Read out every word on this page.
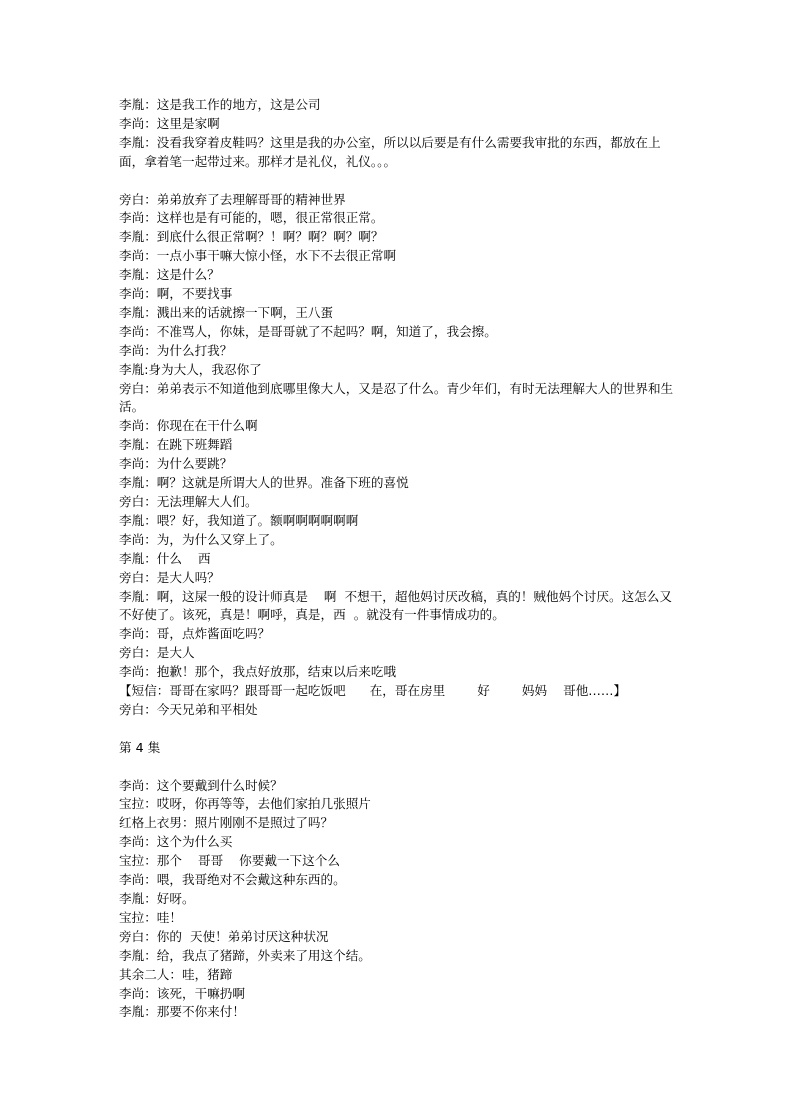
李胤：这是我工作的地方，这是公司
李尚：这里是家啊
李胤：没看我穿着皮鞋吗？这里是我的办公室，所以以后要是有什么需要我审批的东西，都放在上面，拿着笔一起带过来。那样才是礼仪，礼仪。。。
旁白：弟弟放弃了去理解哥哥的精神世界
李尚：这样也是有可能的，嗯，很正常很正常。
李胤：到底什么很正常啊？！啊？啊？啊？啊？
李尚：一点小事干嘛大惊小怪，水下不去很正常啊
李胤：这是什么？
李尚：啊，不要找事
李胤：溅出来的话就擦一下啊，王八蛋
李尚：不准骂人，你妹，是哥哥就了不起吗？啊，知道了，我会擦。
李尚：为什么打我？
李胤:身为大人，我忍你了
旁白：弟弟表示不知道他到底哪里像大人，又是忍了什么。青少年们，有时无法理解大人的世界和生活。
李尚：你现在在干什么啊
李胤：在跳下班舞蹈
李尚：为什么要跳？
李胤：啊？这就是所谓大人的世界。准备下班的喜悦
旁白：无法理解大人们。
李胤：喂？好，我知道了。额啊啊啊啊啊啊
李尚：为，为什么又穿上了。
李胤：什么    西
旁白：是大人吗？
李胤：啊，这屎一般的设计师真是    啊  不想干，超他妈讨厌改稿，真的！贼他妈个讨厌。这怎么又不好使了。该死，真是！啊呼，真是，西  。就没有一件事情成功的。
李尚：哥，点炸酱面吃吗？
旁白：是大人
李尚：抱歉！那个，我点好放那，结束以后来吃哦
【短信：哥哥在家吗？跟哥哥一起吃饭吧      在，哥在房里        好        妈妈    哥他……】
旁白：今天兄弟和平相处
第 4 集
李尚：这个要戴到什么时候？
宝拉：哎呀，你再等等，去他们家拍几张照片
红格上衣男：照片刚刚不是照过了吗？
李尚：这个为什么买
宝拉：那个    哥哥    你要戴一下这个么
李尚：喂，我哥绝对不会戴这种东西的。
李胤：好呀。
宝拉：哇！
旁白：你的  天使！弟弟讨厌这种状况
李胤：给，我点了猪蹄，外卖来了用这个结。
其余二人：哇，猪蹄
李尚：该死，干嘛扔啊
李胤：那要不你来付！
